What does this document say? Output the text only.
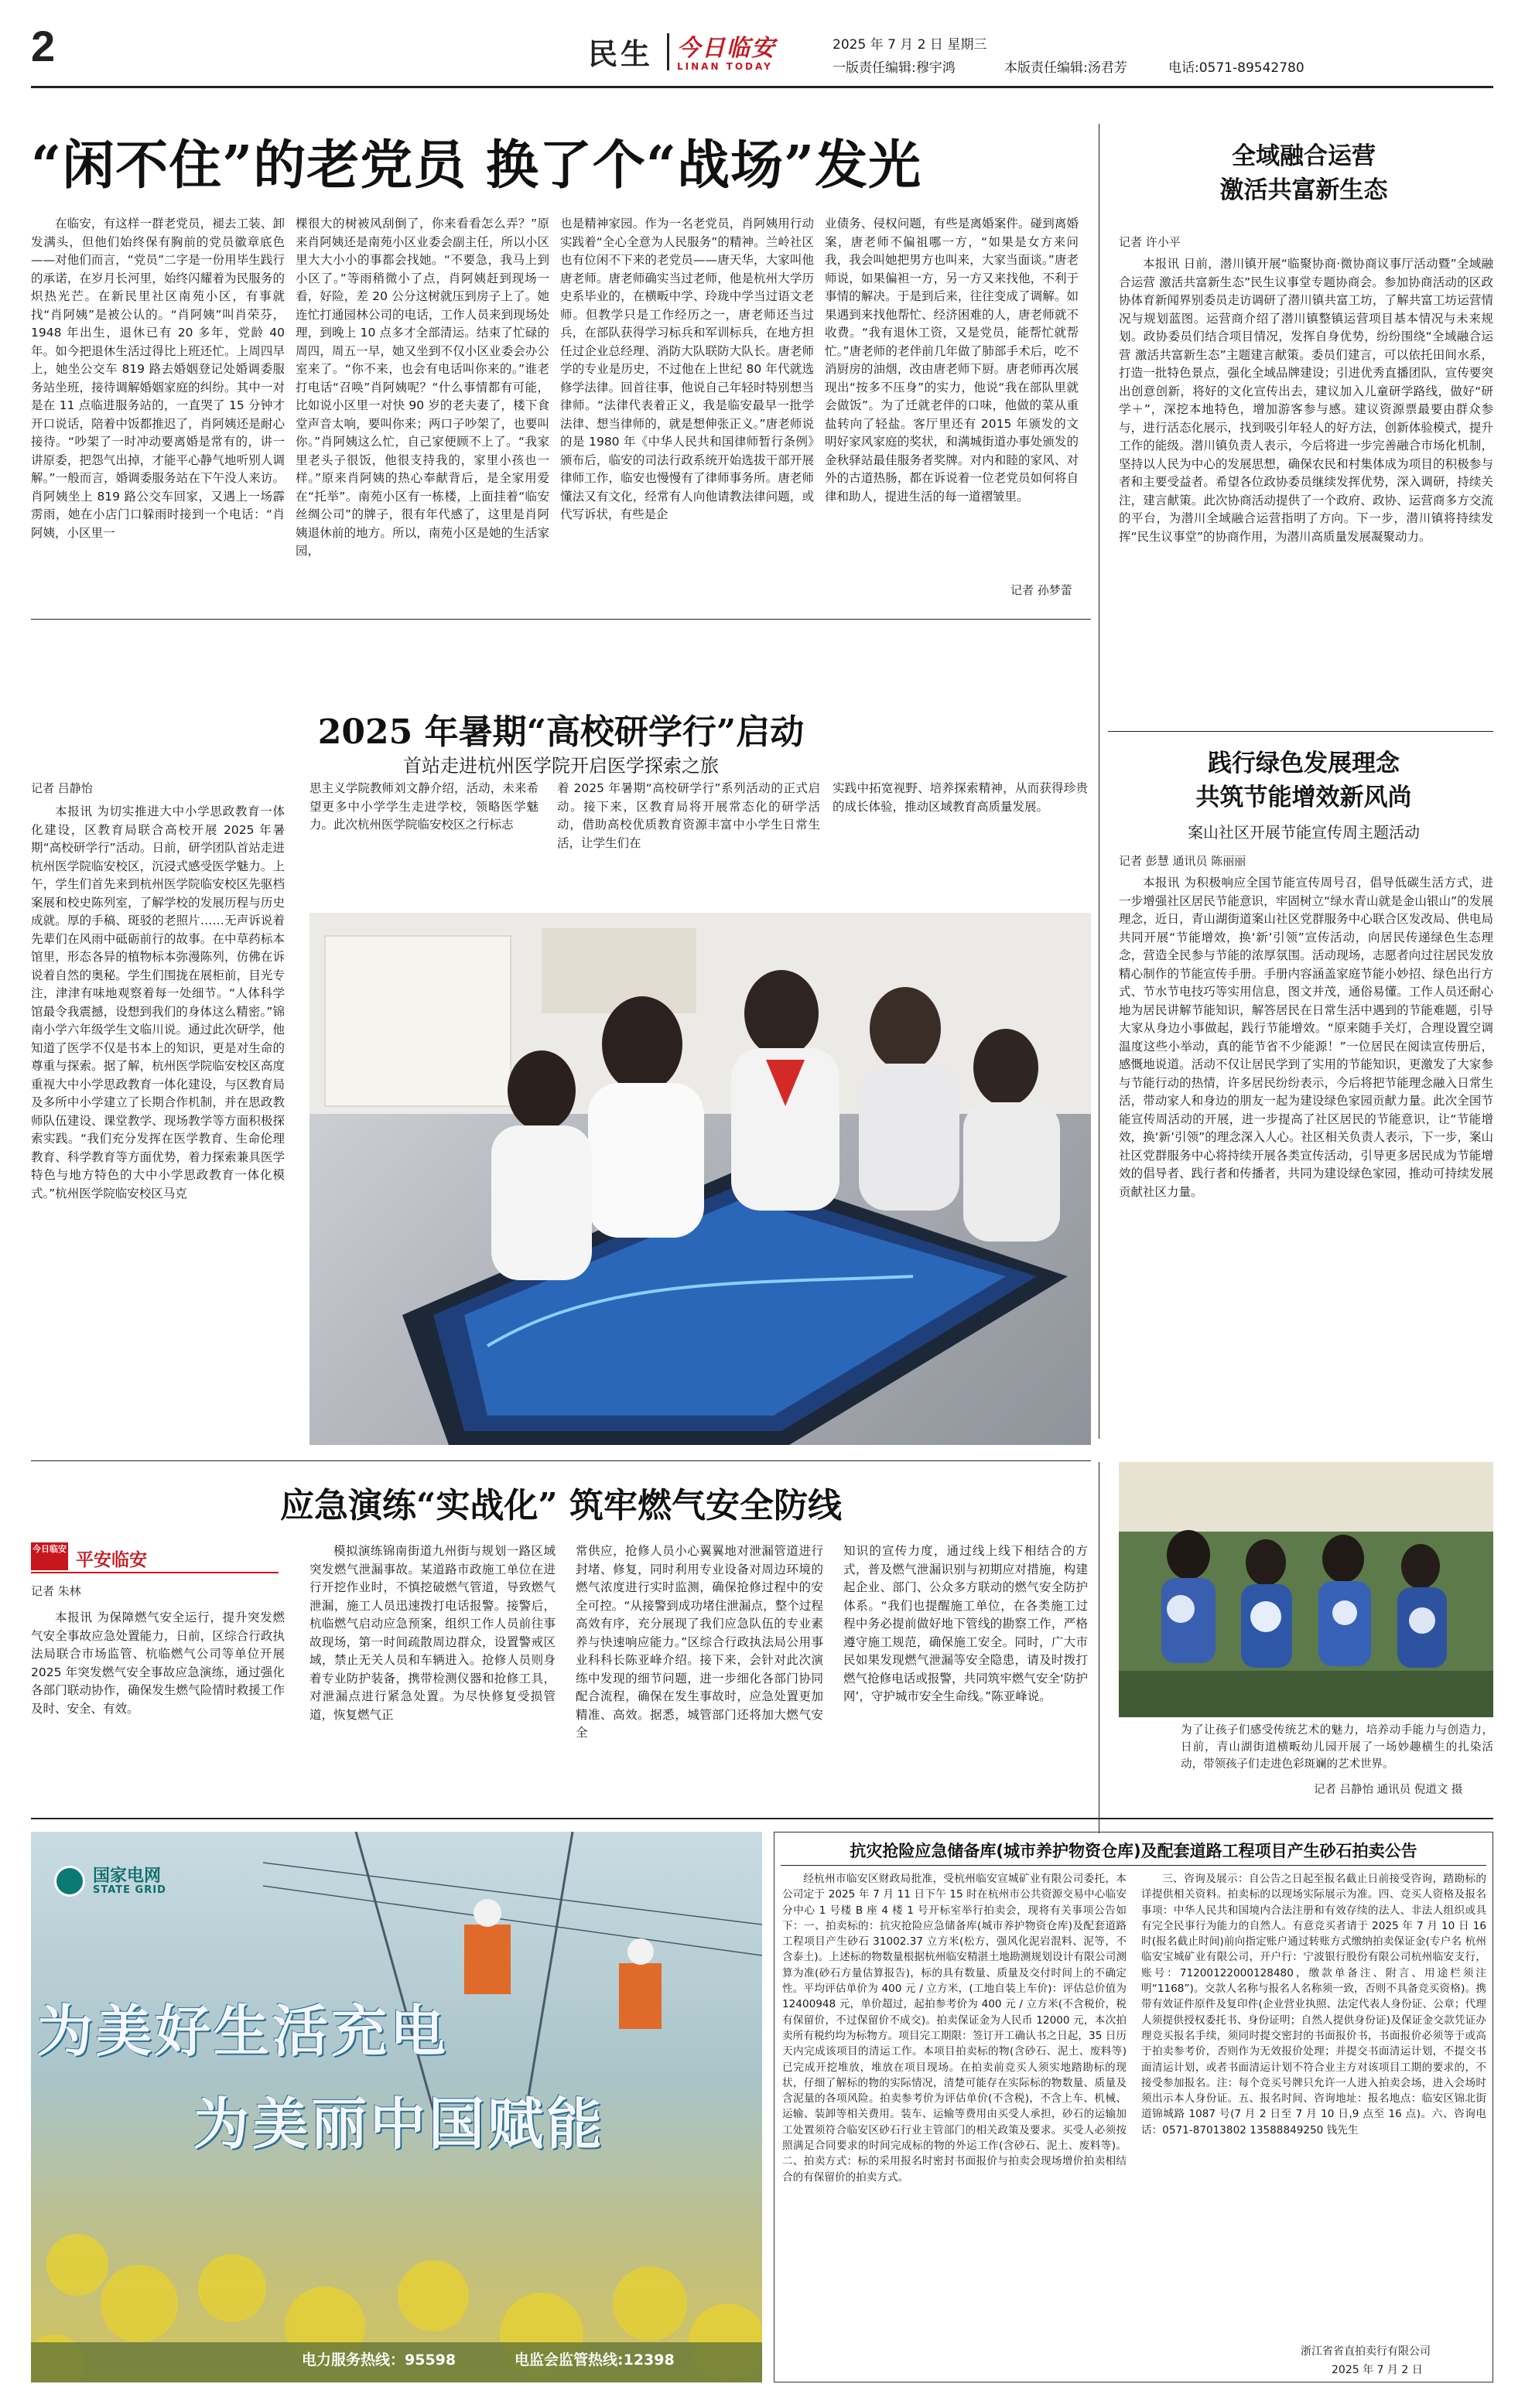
2	民生 今日临安
LINAN TODAY
2025 年 7 月 2 日 星期三
一版责任编辑:穆宇鸿	本版责任编辑:汤君芳	电话:0571-89542780
“闲不住”的老党员 换了个“战场”发光

在临安，有这样一群老党员，褪去工装、卸发满头，但他们始终保有胸前的党员徽章底色——对他们而言，“党员”二字是一份用毕生践行的承诺，在岁月长河里，始终闪耀着为民服务的炽热光芒。在新民里社区南苑小区，有事就找“肖阿姨”是被公认的。“肖阿姨”叫肖荣芬，1948 年出生，退休已有 20 多年，党龄 40 年。如今把退休生活过得比上班还忙。上周四早上，她坐公交车 819 路去婚姻登记处婚调委服务站坐班，接待调解婚姻家庭的纠纷。其中一对是在 11 点临进服务站的，一直哭了 15 分钟才开口说话，陪着中饭都推迟了，肖阿姨还是耐心接待。“吵架了一时冲动要离婚是常有的，讲一讲原委，把怨气出掉，才能平心静气地听别人调解。”一般而言，婚调委服务站在下午没人来访。肖阿姨坐上 819 路公交车回家，又遇上一场霹雳雨，她在小店门口躲雨时接到一个电话：“肖阿姨，小区里一

棵很大的树被风刮倒了，你来看看怎么弄？”原来肖阿姨还是南苑小区业委会副主任，所以小区里大大小小的事都会找她。“不要急，我马上到小区了。”等雨稍微小了点，肖阿姨赶到现场一看，好险，差 20 公分这树就压到房子上了。她连忙打通园林公司的电话，工作人员来到现场处理，到晚上 10 点多才全部清运。结束了忙碌的周四，周五一早，她又坐到不仅小区业委会办公室来了。“你不来，也会有电话叫你来的。”谁老打电话“召唤”肖阿姨呢？“什么事情都有可能，比如说小区里一对快 90 岁的老夫妻了，楼下食堂声音太响，要叫你来；两口子吵架了，也要叫你。”肖阿姨这么忙，自己家便顾不上了。“我家里老头子很饭，他很支持我的，家里小孩也一样。”原来肖阿姨的热心奉献背后，是全家用爱在“托举”。南苑小区有一栋楼，上面挂着“临安丝绸公司”的牌子，很有年代感了，这里是肖阿姨退休前的地方。所以，南苑小区是她的生活家园，

也是精神家园。作为一名老党员，肖阿姨用行动实践着“全心全意为人民服务”的精神。兰岭社区也有位闲不下来的老党员——唐天华，大家叫他唐老师。唐老师确实当过老师，他是杭州大学历史系毕业的，在横畈中学、玲珑中学当过语文老师。但教学只是工作经历之一，唐老师还当过兵，在部队获得学习标兵和军训标兵，在地方担任过企业总经理、消防大队联防大队长。唐老师学的专业是历史，不过他在上世纪 80 年代就选修学法律。回首往事，他说自己年轻时特别想当律师。“法律代表着正义，我是临安最早一批学法律、想当律师的，就是想伸张正义。”唐老师说的是 1980 年《中华人民共和国律师暂行条例》颁布后，临安的司法行政系统开始选拔干部开展律师工作，临安也慢慢有了律师事务所。唐老师懂法又有文化，经常有人向他请教法律问题，或代写诉状，有些是企

业债务、侵权问题，有些是离婚案件。碰到离婚案，唐老师不偏祖哪一方，“如果是女方来问我，我会叫她把男方也叫来，大家当面谈。”唐老师说，如果偏袒一方，另一方又来找他，不利于事情的解决。于是到后来，往往变成了调解。如果遇到来找他帮忙、经济困难的人，唐老师就不收费。“我有退休工资，又是党员，能帮忙就帮忙。”唐老师的老伴前几年做了肺部手术后，吃不消厨房的油烟，改由唐老师下厨。唐老师再次展现出“按多不压身”的实力，他说“我在部队里就会做饭”。为了迁就老伴的口味，他做的菜从重盐转向了轻盐。客厅里还有 2015 年颁发的文明好家风家庭的奖状，和满城街道办事处颁发的金秋驿站最佳服务者奖牌。对内和睦的家风、对外的古道热肠，都在诉说着一位老党员如何将自律和助人，提进生活的每一道褶皱里。

记者 孙梦蕾
全域融合运营
激活共富新生态
记者 许小平

本报讯 日前，潜川镇开展“临聚协商·微协商议事厅活动暨”全域融合运营 激活共富新生态”民生议事堂专题协商会。参加协商活动的区政协体育新闻界别委员走访调研了潜川镇共富工坊，了解共富工坊运营情况与规划蓝图。运营商介绍了潜川镇整镇运营项目基本情况与未来规划。政协委员们结合项目情况，发挥自身优势，纷纷围绕“全域融合运营 激活共富新生态”主题建言献策。委员们建言，可以依托田间水系，打造一批特色景点，强化全域品牌建设；引进优秀直播团队，宣传要突出创意创新，将好的文化宣传出去，建议加入儿童研学路线，做好“研学＋”，深挖本地特色，增加游客参与感。建议资源票最要由群众参与，进行活态化展示，找到吸引年轻人的好方法，创新体验模式，提升工作的能级。潜川镇负责人表示，今后将进一步完善融合市场化机制，坚持以人民为中心的发展思想，确保农民和村集体成为项目的积极参与者和主要受益者。希望各位政协委员继续发挥优势，深入调研，持续关注，建言献策。此次协商活动提供了一个政府、政协、运营商多方交流的平台，为潜川全域融合运营指明了方向。下一步，潜川镇将持续发挥“民生议事堂”的协商作用，为潜川高质量发展凝聚动力。

2025 年暑期“高校研学行”启动
首站走进杭州医学院开启医学探索之旅
记者 吕静怡

本报讯 为切实推进大中小学思政教育一体化建设，区教育局联合高校开展 2025 年暑期“高校研学行”活动。日前，研学团队首站走进杭州医学院临安校区，沉浸式感受医学魅力。上午，学生们首先来到杭州医学院临安校区先驱档案展和校史陈列室，了解学校的发展历程与历史成就。厚的手稿、斑驳的老照片……无声诉说着先辈们在风雨中砥砺前行的故事。在中草药标本馆里，形态各异的植物标本弥漫陈列，仿佛在诉说着自然的奥秘。学生们围拢在展柜前，目光专注，津津有味地观察着每一处细节。“人体科学馆最令我震撼，设想到我们的身体这么精密。”锦南小学六年级学生文临川说。通过此次研学，他知道了医学不仅是书本上的知识，更是对生命的尊重与探索。据了解，杭州医学院临安校区高度重视大中小学思政教育一体化建设，与区教育局及多所中小学建立了长期合作机制，并在思政教师队伍建设、课堂教学、现场教学等方面积极探索实践。“我们充分发挥在医学教育、生命伦理教育、科学教育等方面优势，着力探索兼具医学特色与地方特色的大中小学思政教育一体化模式。”杭州医学院临安校区马克

思主义学院教师刘文静介绍，活动，未来希望更多中小学学生走进学校，领略医学魅力。此次杭州医学院临安校区之行标志

着 2025 年暑期“高校研学行”系列活动的正式启动。接下来，区教育局将开展常态化的研学活动，借助高校优质教育资源丰富中小学生日常生活，让学生们在

实践中拓宽视野、培养探索精神，从而获得珍贵的成长体验，推动区域教育高质量发展。

践行绿色发展理念
共筑节能增效新风尚
案山社区开展节能宣传周主题活动
记者 彭慧 通讯员 陈丽丽

本报讯 为积极响应全国节能宣传周号召，倡导低碳生活方式，进一步增强社区居民节能意识，牢固树立“绿水青山就是金山银山”的发展理念，近日，青山湖街道案山社区党群服务中心联合区发改局、供电局共同开展“节能增效，换‘新’引领”宣传活动，向居民传递绿色生态理念，营造全民参与节能的浓厚氛围。活动现场，志愿者向过往居民发放精心制作的节能宣传手册。手册内容涵盖家庭节能小妙招、绿色出行方式、节水节电技巧等实用信息，图文并茂，通俗易懂。工作人员还耐心地为居民讲解节能知识，解答居民在日常生活中遇到的节能难题，引导大家从身边小事做起，践行节能增效。“原来随手关灯，合理设置空调温度这些小举动，真的能节省不少能源！”一位居民在阅读宣传册后，感慨地说道。活动不仅让居民学到了实用的节能知识，更激发了大家参与节能行动的热情，许多居民纷纷表示，今后将把节能理念融入日常生活，带动家人和身边的朋友一起为建设绿色家园贡献力量。此次全国节能宣传周活动的开展，进一步提高了社区居民的节能意识，让“节能增效，换‘新’引领”的理念深入人心。社区相关负责人表示，下一步，案山社区党群服务中心将持续开展各类宣传活动，引导更多居民成为节能增效的倡导者、践行者和传播者，共同为建设绿色家园，推动可持续发展贡献社区力量。

应急演练“实战化” 筑牢燃气安全防线
今日临安
平安临安
记者 朱林

本报讯 为保障燃气安全运行，提升突发燃气安全事故应急处置能力，日前，区综合行政执法局联合市场监管、杭临燃气公司等单位开展 2025 年突发燃气安全事故应急演练，通过强化各部门联动协作，确保发生燃气险情时救援工作及时、安全、有效。

模拟演练锦南街道九州街与规划一路区域突发燃气泄漏事故。某道路市政施工单位在进行开挖作业时，不慎挖破燃气管道，导致燃气泄漏，施工人员迅速拨打电话报警。接警后，杭临燃气启动应急预案，组织工作人员前往事故现场，第一时间疏散周边群众，设置警戒区域，禁止无关人员和车辆进入。抢修人员则身着专业防护装备，携带检测仪器和抢修工具，对泄漏点进行紧急处置。为尽快修复受损管道，恢复燃气正

常供应，抢修人员小心翼翼地对泄漏管道进行封堵、修复，同时利用专业设备对周边环境的燃气浓度进行实时监测，确保抢修过程中的安全可控。“从接警到成功堵住泄漏点，整个过程高效有序，充分展现了我们应急队伍的专业素养与快速响应能力。”区综合行政执法局公用事业科科长陈亚峰介绍。接下来，会针对此次演练中发现的细节问题，进一步细化各部门协同配合流程，确保在发生事故时，应急处置更加精准、高效。据悉，城管部门还将加大燃气安全

知识的宣传力度，通过线上线下相结合的方式，普及燃气泄漏识别与初期应对措施，构建起企业、部门、公众多方联动的燃气安全防护体系。“我们也提醒施工单位，在各类施工过程中务必提前做好地下管线的勘察工作，严格遵守施工规范，确保施工安全。同时，广大市民如果发现燃气泄漏等安全隐患，请及时拨打燃气抢修电话或报警，共同筑牢燃气安全‘防护网’，守护城市安全生命线。”陈亚峰说。

为了让孩子们感受传统艺术的魅力，培养动手能力与创造力，日前，青山湖街道横畈幼儿园开展了一场妙趣横生的扎染活动，带领孩子们走进色彩斑斓的艺术世界。

记者 吕静怡 通讯员 倪道文 摄
国家电网
STATE GRID
为美好生活充电
为美丽中国赋能
电力服务热线：95598	电监会监管热线:12398
抗灾抢险应急储备库(城市养护物资仓库)及配套道路工程项目产生砂石拍卖公告

经杭州市临安区财政局批准，受杭州临安宣城矿业有限公司委托，本公司定于 2025 年 7 月 11 日下午 15 时在杭州市公共资源交易中心临安分中心 1 号楼 B 座 4 楼 1 号开标室举行拍卖会，现将有关事项公告如下：一、拍卖标的：抗灾抢险应急储备库(城市养护物资仓库)及配套道路工程项目产生砂石 31002.37 立方米(松方，强风化泥岩混料、泥等，不含泰土)。上述标的物数量根据杭州临安精湛土地勘测规划设计有限公司测算为准(砂石方量估算报告)，标的具有数量、质量及交付时间上的不确定性。平均评估单价为 400 元 / 立方米，(工地自装上车价)：评估总价值为 12400948 元，单价超过，起拍参考价为 400 元 / 立方米(不含税价，税有保留价，不过保留价不成交)。拍卖保证金为人民币 12000 元，本次拍卖所有税约均为标物方。项目完工期限：签订开工确认书之日起，35 日历天内完成该项目的清运工作。本项目拍卖标的物(含砂石、泥土、废料等)已完成开挖堆放，堆放在项目现场。在拍卖前竞买人须实地踏勘标的现状，仔细了解标的物的实际情况，清楚可能存在实际标的物数量、质量及含泥量的各项风险。拍卖参考价为评估单价(不含税)，不含上车、机械、运输、装卸等相关费用。装车、运输等费用由买受人承担，砂石的运输加工处置须符合临安区砂石行业主管部门的相关政策及要求。买受人必须按照满足合同要求的时间完成标的物的外运工作(含砂石、泥土、废料等)。二、拍卖方式：标的采用报名时密封书面报价与拍卖会现场增价拍卖相结合的有保留价的拍卖方式。

三、咨询及展示：自公告之日起至报名截止日前接受咨询，踏勘标的详提供相关资料。拍卖标的以现场实际展示为准。四、竞买人资格及报名事项：中华人民共和国境内合法注册和有效存续的法人、非法人组织或具有完全民事行为能力的自然人。有意竞买者请于 2025 年 7 月 10 日 16 时(报名截止时间)前向指定账户通过转账方式缴纳拍卖保证金(专户名 杭州临安宝城矿业有限公司，开户行：宁波银行股份有限公司杭州临安支行，账号：71200122000128480，缴款单备注、附言、用途栏须注明“1168”)。交款人名称与报名人名称须一致，否则不具备竞买资格)。携带有效证件原件及复印件(企业营业执照、法定代表人身份证、公章；代理人须提供授权委托书、身份证明；自然人提供身份证)及保证金交款凭证办理竞买报名手续，须同时提交密封的书面报价书，书面报价必须等于或高于拍卖参考价，否则作为无效报价处理；并提交书面清运计划，不提交书面清运计划，或者书面清运计划不符合业主方对该项目工期的要求的，不接受参加报名。注：每个竞买号牌只允许一人进入拍卖会场，进入会场时须出示本人身份证。五、报名时间、咨询地址：报名地点：临安区锦北街道锦城路 1087 号(7 月 2 日至 7 月 10 日,9 点至 16 点)。六、咨询电话：0571-87013802 13588849250 钱先生

浙江省省直拍卖行有限公司
2025 年 7 月 2 日
